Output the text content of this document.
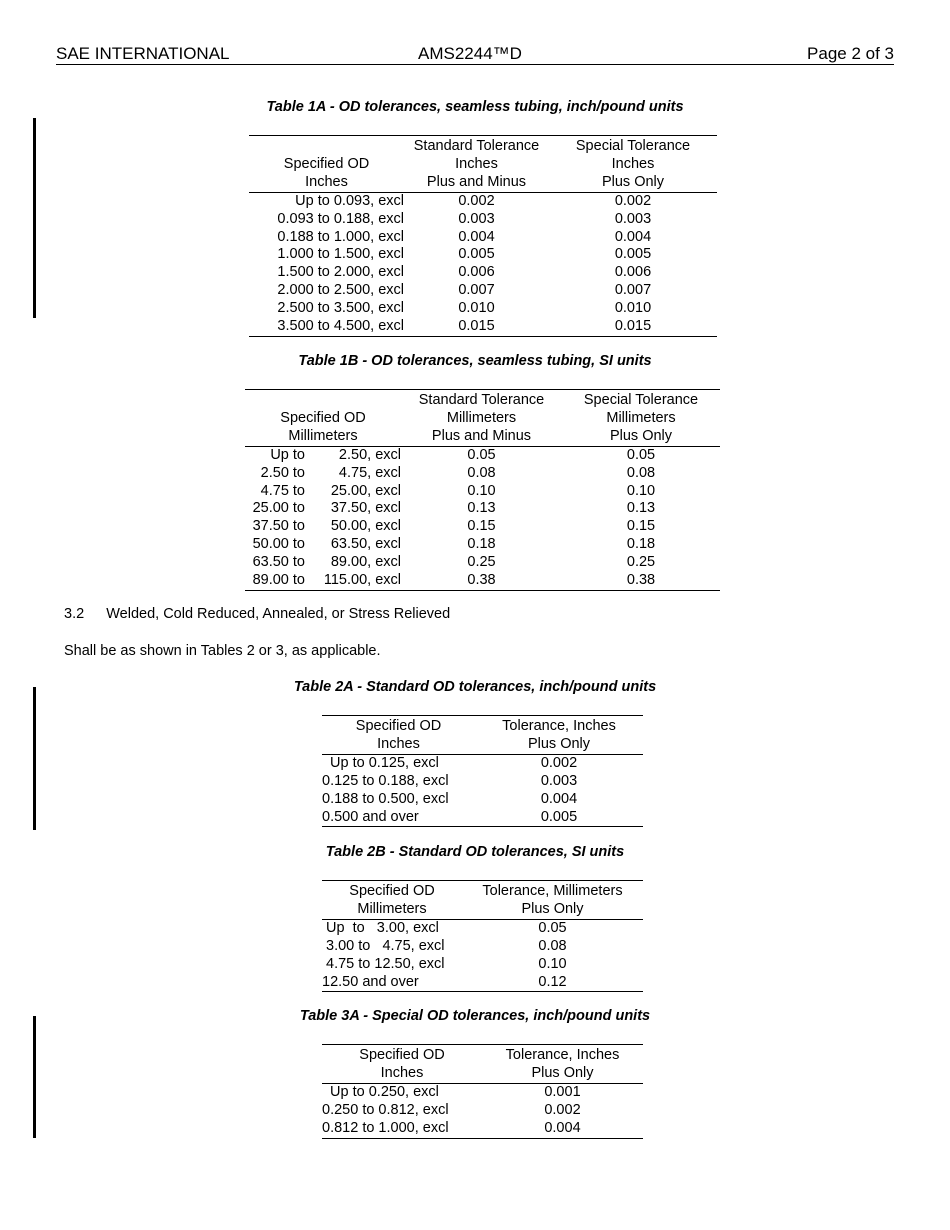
SAE INTERNATIONAL	AMS2244™D	Page 2 of 3
Table 1A - OD tolerances, seamless tubing, inch/pound units
	Standard Tolerance	Special Tolerance
Specified OD	Inches	Inches
Inches	Plus and Minus	Plus Only
Up to 0.093, excl	0.002	0.002
0.093 to 0.188, excl	0.003	0.003
0.188 to 1.000, excl	0.004	0.004
1.000 to 1.500, excl	0.005	0.005
1.500 to 2.000, excl	0.006	0.006
2.000 to 2.500, excl	0.007	0.007
2.500 to 3.500, excl	0.010	0.010
3.500 to 4.500, excl	0.015	0.015
Table 1B - OD tolerances, seamless tubing, SI units
		Standard Tolerance	Special Tolerance
Specified OD		Millimeters	Millimeters
Millimeters		Plus and Minus	Plus Only
Up to	2.50, excl	0.05	0.05
2.50 to	4.75, excl	0.08	0.08
4.75 to	25.00, excl	0.10	0.10
25.00 to	37.50, excl	0.13	0.13
37.50 to	50.00, excl	0.15	0.15
50.00 to	63.50, excl	0.18	0.18
63.50 to	89.00, excl	0.25	0.25
89.00 to	115.00, excl	0.38	0.38
3.2 Welded, Cold Reduced, Annealed, or Stress Relieved
Shall be as shown in Tables 2 or 3, as applicable.
Table 2A - Standard OD tolerances, inch/pound units
Specified OD	Tolerance, Inches
Inches	Plus Only
Up to 0.125, excl	0.002
0.125 to 0.188, excl	0.003
0.188 to 0.500, excl	0.004
0.500 and over	0.005
Table 2B - Standard OD tolerances, SI units
Specified OD	Tolerance, Millimeters
Millimeters	Plus Only
Up  to   3.00, excl	0.05
3.00 to   4.75, excl	0.08
4.75 to 12.50, excl	0.10
12.50 and over	0.12
Table 3A - Special OD tolerances, inch/pound units
Specified OD	Tolerance, Inches
Inches	Plus Only
Up to 0.250, excl	0.001
0.250 to 0.812, excl	0.002
0.812 to 1.000, excl	0.004
